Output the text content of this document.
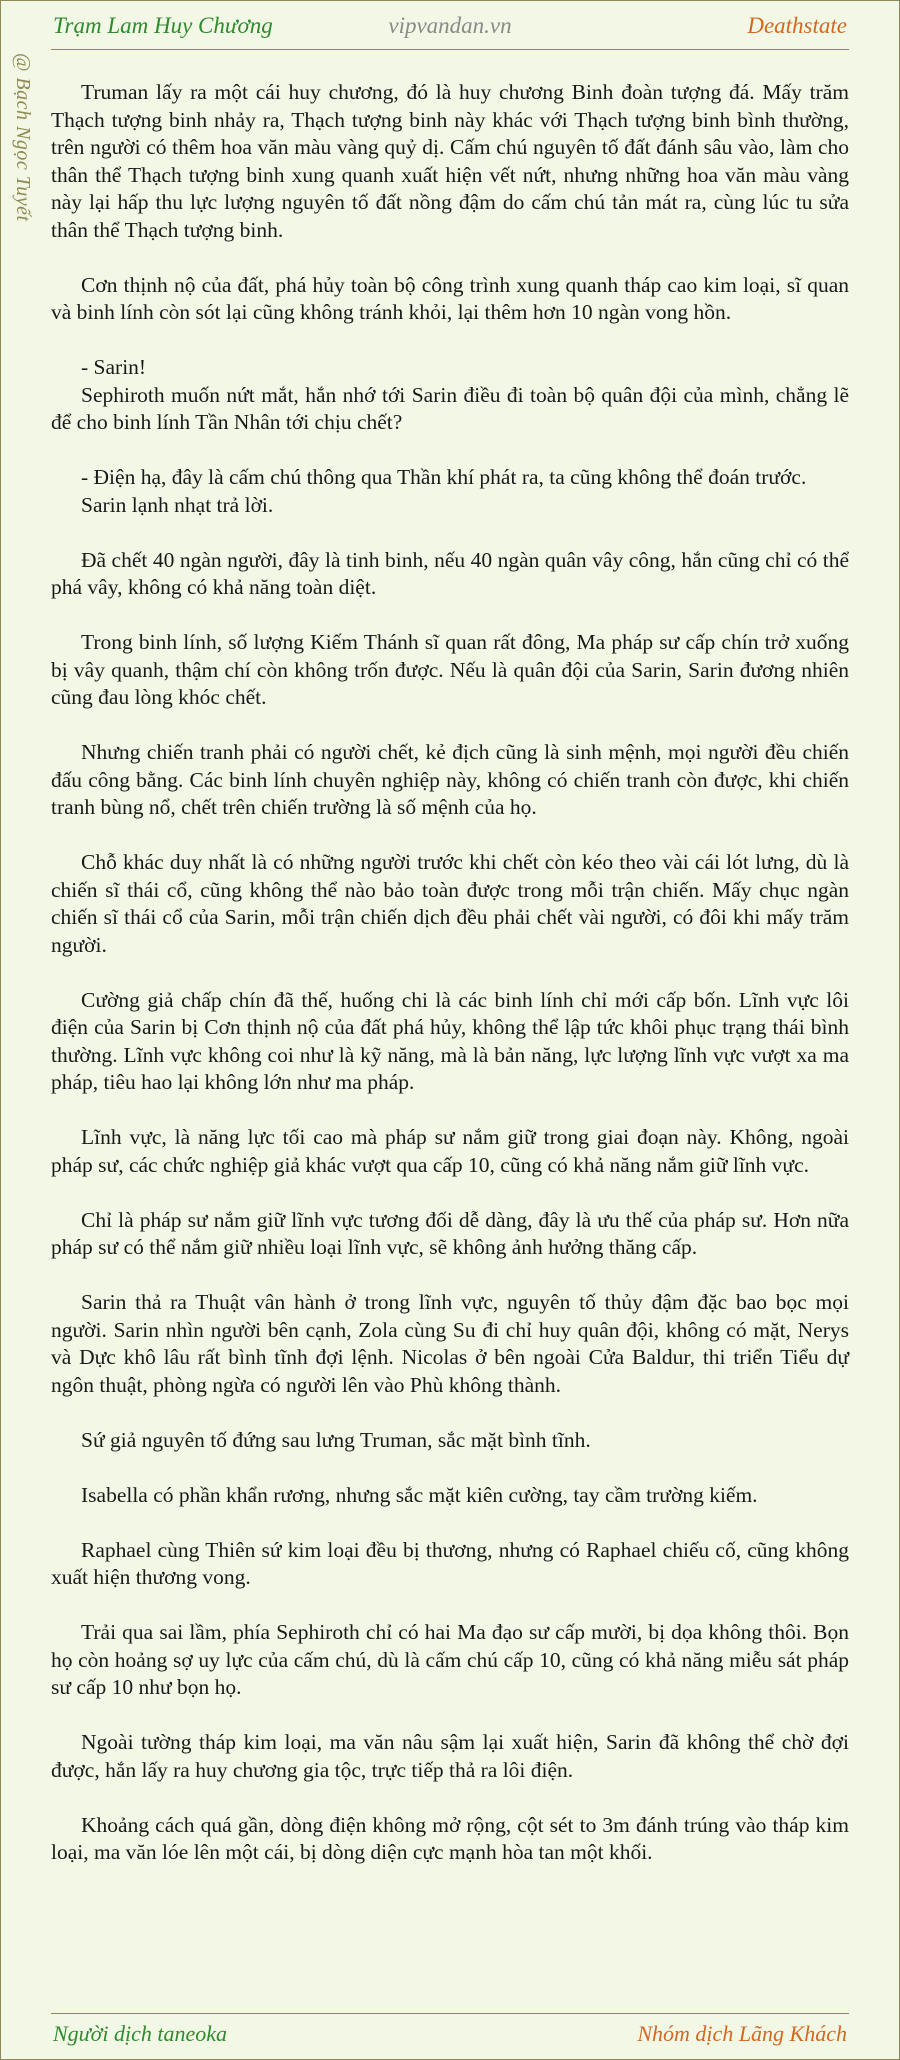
Trạm Lam Huy Chương	vipvandan.vn	Deathstate
@ Bạch Ngọc Tuyết	Truman lấy ra một cái huy chương, đó là huy chương Binh đoàn tượng đá. Mấy trăm Thạch tượng binh nhảy ra, Thạch tượng binh này khác với Thạch tượng binh bình thường, trên người có thêm hoa văn màu vàng quỷ dị. Cấm chú nguyên tố đất đánh sâu vào, làm cho thân thể Thạch tượng binh xung quanh xuất hiện vết nứt, nhưng những hoa văn màu vàng này lại hấp thu lực lượng nguyên tố đất nồng đậm do cấm chú tản mát ra, cùng lúc tu sửa thân thể Thạch tượng binh.

Cơn thịnh nộ của đất, phá hủy toàn bộ công trình xung quanh tháp cao kim loại, sĩ quan và binh lính còn sót lại cũng không tránh khỏi, lại thêm hơn 10 ngàn vong hồn.

- Sarin!

Sephiroth muốn nứt mắt, hắn nhớ tới Sarin điều đi toàn bộ quân đội của mình, chẳng lẽ để cho binh lính Tần Nhân tới chịu chết?

- Điện hạ, đây là cấm chú thông qua Thần khí phát ra, ta cũng không thể đoán trước.

Sarin lạnh nhạt trả lời.

Đã chết 40 ngàn người, đây là tinh binh, nếu 40 ngàn quân vây công, hắn cũng chỉ có thể phá vây, không có khả năng toàn diệt.

Trong binh lính, số lượng Kiếm Thánh sĩ quan rất đông, Ma pháp sư cấp chín trở xuống bị vây quanh, thậm chí còn không trốn được. Nếu là quân đội của Sarin, Sarin đương nhiên cũng đau lòng khóc chết.

Nhưng chiến tranh phải có người chết, kẻ địch cũng là sinh mệnh, mọi người đều chiến đấu công bằng. Các binh lính chuyên nghiệp này, không có chiến tranh còn được, khi chiến tranh bùng nổ, chết trên chiến trường là số mệnh của họ.

Chỗ khác duy nhất là có những người trước khi chết còn kéo theo vài cái lót lưng, dù là chiến sĩ thái cổ, cũng không thể nào bảo toàn được trong mỗi trận chiến. Mấy chục ngàn chiến sĩ thái cổ của Sarin, mỗi trận chiến dịch đều phải chết vài người, có đôi khi mấy trăm người.

Cường giả chấp chín đã thế, huống chi là các binh lính chỉ mới cấp bốn. Lĩnh vực lôi điện của Sarin bị Cơn thịnh nộ của đất phá hủy, không thể lập tức khôi phục trạng thái bình thường. Lĩnh vực không coi như là kỹ năng, mà là bản năng, lực lượng lĩnh vực vượt xa ma pháp, tiêu hao lại không lớn như ma pháp.

Lĩnh vực, là năng lực tối cao mà pháp sư nắm giữ trong giai đoạn này. Không, ngoài pháp sư, các chức nghiệp giả khác vượt qua cấp 10, cũng có khả năng nắm giữ lĩnh vực.

Chỉ là pháp sư nắm giữ lĩnh vực tương đối dễ dàng, đây là ưu thế của pháp sư. Hơn nữa pháp sư có thể nắm giữ nhiều loại lĩnh vực, sẽ không ảnh hưởng thăng cấp.

Sarin thả ra Thuật vân hành ở trong lĩnh vực, nguyên tố thủy đậm đặc bao bọc mọi người. Sarin nhìn người bên cạnh, Zola cùng Su đi chỉ huy quân đội, không có mặt, Nerys và Dực khô lâu rất bình tĩnh đợi lệnh. Nicolas ở bên ngoài Cửa Baldur, thi triển Tiểu dự ngôn thuật, phòng ngừa có người lên vào Phù không thành.

Sứ giả nguyên tố đứng sau lưng Truman, sắc mặt bình tĩnh.

Isabella có phần khẩn rương, nhưng sắc mặt kiên cường, tay cầm trường kiếm.

Raphael cùng Thiên sứ kim loại đều bị thương, nhưng có Raphael chiếu cố, cũng không xuất hiện thương vong.

Trải qua sai lầm, phía Sephiroth chỉ có hai Ma đạo sư cấp mười, bị dọa không thôi. Bọn họ còn hoảng sợ uy lực của cấm chú, dù là cấm chú cấp 10, cũng có khả năng miễu sát pháp sư cấp 10 như bọn họ.

Ngoài tường tháp kim loại, ma văn nâu sậm lại xuất hiện, Sarin đã không thể chờ đợi được, hắn lấy ra huy chương gia tộc, trực tiếp thả ra lôi điện.

Khoảng cách quá gần, dòng điện không mở rộng, cột sét to 3m đánh trúng vào tháp kim loại, ma văn lóe lên một cái, bị dòng diện cực mạnh hòa tan một khối.

Người dịch taneoka	Nhóm dịch Lãng Khách
